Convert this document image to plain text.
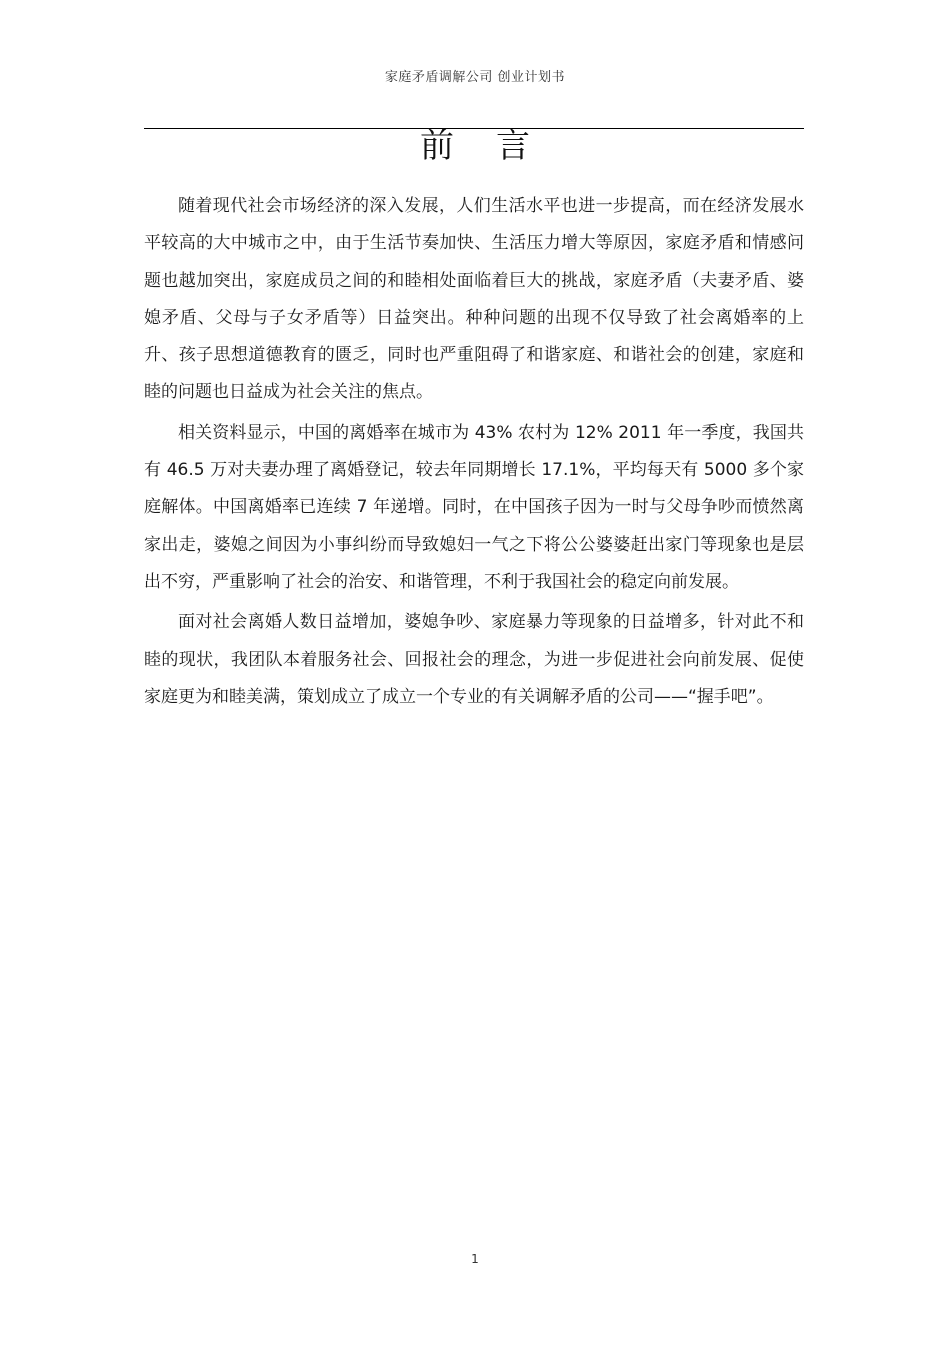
家庭矛盾调解公司 创业计划书
前 言

随着现代社会市场经济的深入发展，人们生活水平也进一步提高，而在经济发展水平较高的大中城市之中，由于生活节奏加快、生活压力增大等原因，家庭矛盾和情感问题也越加突出，家庭成员之间的和睦相处面临着巨大的挑战，家庭矛盾（夫妻矛盾、婆媳矛盾、父母与子女矛盾等）日益突出。种种问题的出现不仅导致了社会离婚率的上升、孩子思想道德教育的匮乏，同时也严重阻碍了和谐家庭、和谐社会的创建，家庭和睦的问题也日益成为社会关注的焦点。

相关资料显示，中国的离婚率在城市为 43% 农村为 12% 2011 年一季度，我国共有 46.5 万对夫妻办理了离婚登记，较去年同期增长 17.1%，平均每天有 5000 多个家庭解体。中国离婚率已连续 7 年递增。同时，在中国孩子因为一时与父母争吵而愤然离家出走，婆媳之间因为小事纠纷而导致媳妇一气之下将公公婆婆赶出家门等现象也是层出不穷，严重影响了社会的治安、和谐管理，不利于我国社会的稳定向前发展。

面对社会离婚人数日益增加，婆媳争吵、家庭暴力等现象的日益增多，针对此不和睦的现状，我团队本着服务社会、回报社会的理念，为进一步促进社会向前发展、促使家庭更为和睦美满，策划成立了成立一个专业的有关调解矛盾的公司——“握手吧”。

1
